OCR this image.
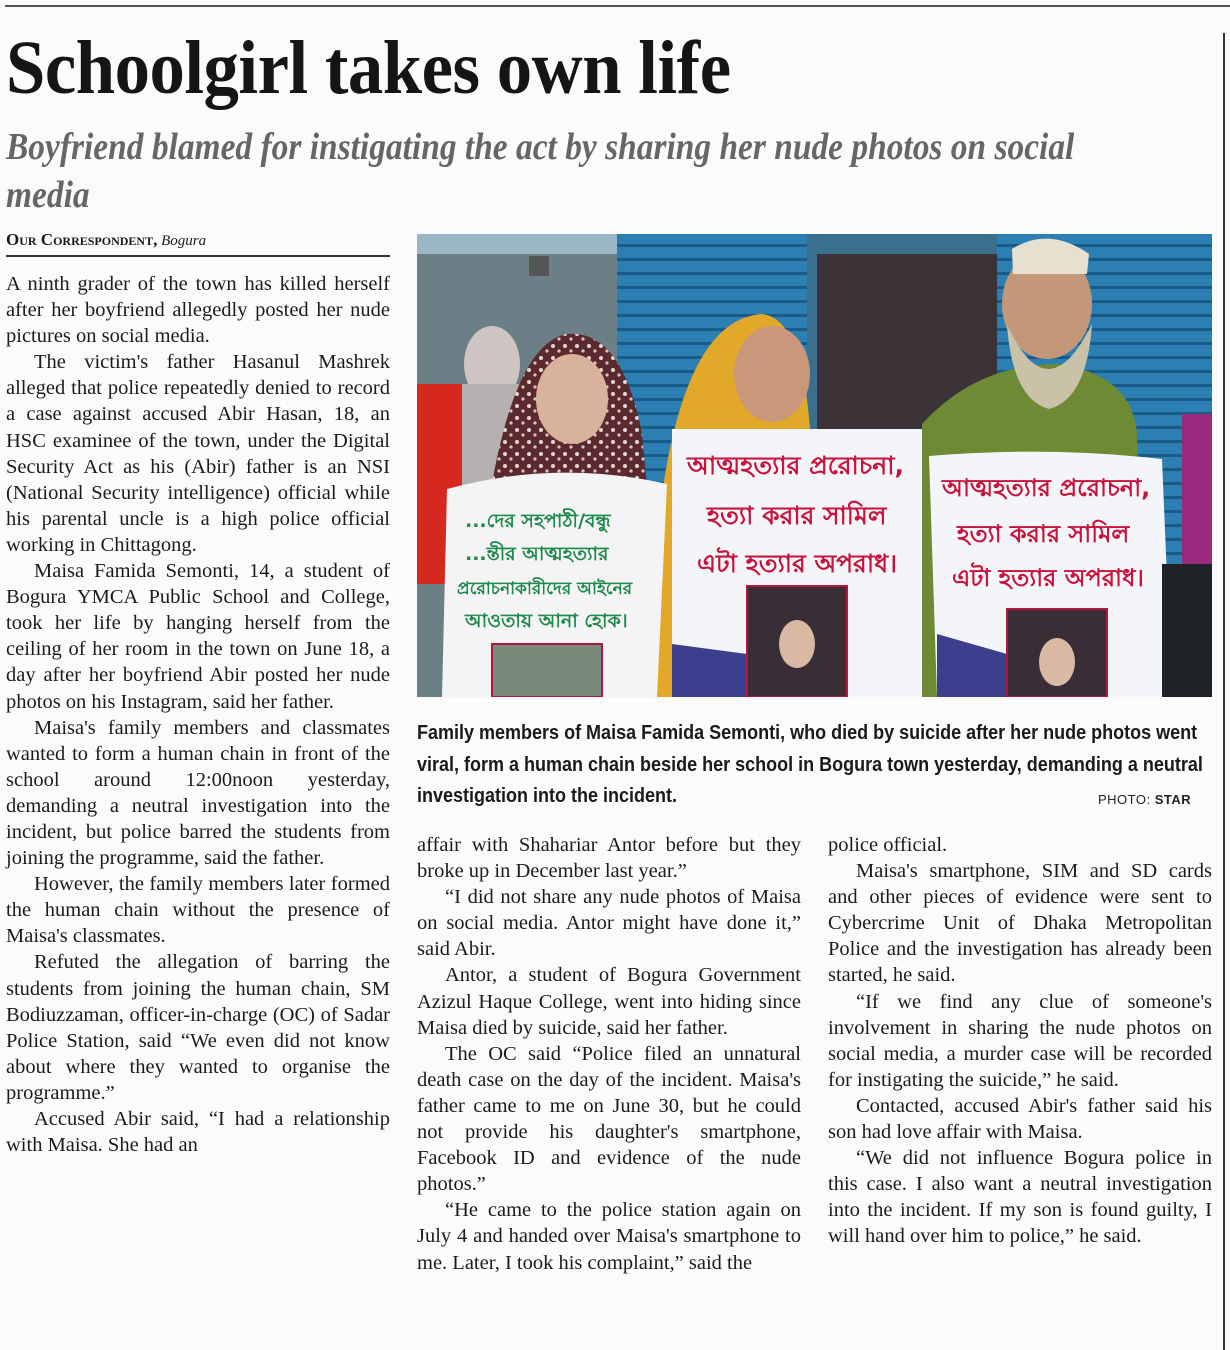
Schoolgirl takes own life
Boyfriend blamed for instigating the act by sharing her nude photos on social media
Our Correspondent, Bogura

A ninth grader of the town has killed herself after her boyfriend allegedly posted her nude pictures on social media.

The victim's father Hasanul Mashrek alleged that police repeatedly denied to record a case against accused Abir Hasan, 18, an HSC examinee of the town, under the Digital Security Act as his (Abir) father is an NSI (National Security intelligence) official while his parental uncle is a high police official working in Chittagong.

Maisa Famida Semonti, 14, a student of Bogura YMCA Public School and College, took her life by hanging herself from the ceiling of her room in the town on June 18, a day after her boyfriend Abir posted her nude photos on his Instagram, said her father.

Maisa's family members and classmates wanted to form a human chain in front of the school around 12:00noon yesterday, demanding a neutral investigation into the incident, but police barred the students from joining the programme, said the father.

However, the family members later formed the human chain without the presence of Maisa's classmates.

Refuted the allegation of barring the students from joining the human chain, SM Bodiuzzaman, officer-in-charge (OC) of Sadar Police Station, said “We even did not know about where they wanted to organise the programme.”

Accused Abir said, “I had a relationship with Maisa. She had an

...দের সহপাঠী/বন্ধু
...ন্তীর আত্মহত্যার
প্ররোচনাকারীদের আইনের
আওতায় আনা হোক।
আত্মহত্যার প্ররোচনা,
হত্যা করার সামিল
এটা হত্যার অপরাধ।
আত্মহত্যার প্ররোচনা,
হত্যা করার সামিল
এটা হত্যার অপরাধ।

Family members of Maisa Famida Semonti, who died by suicide after her nude photos went viral, form a human chain beside her school in Bogura town yesterday, demanding a neutral investigation into the incident.	PHOTO: STAR

affair with Shahariar Antor before but they broke up in December last year.”

“I did not share any nude photos of Maisa on social media. Antor might have done it,” said Abir.

Antor, a student of Bogura Government Azizul Haque College, went into hiding since Maisa died by suicide, said her father.

The OC said “Police filed an unnatural death case on the day of the incident. Maisa's father came to me on June 30, but he could not provide his daughter's smartphone, Facebook ID and evidence of the nude photos.”

“He came to the police station again on July 4 and handed over Maisa's smartphone to me. Later, I took his complaint,” said the

police official.

Maisa's smartphone, SIM and SD cards and other pieces of evidence were sent to Cybercrime Unit of Dhaka Metropolitan Police and the investigation has already been started, he said.

“If we find any clue of someone's involvement in sharing the nude photos on social media, a murder case will be recorded for instigating the suicide,” he said.

Contacted, accused Abir's father said his son had love affair with Maisa.

“We did not influence Bogura police in this case. I also want a neutral investigation into the incident. If my son is found guilty, I will hand over him to police,” he said.
